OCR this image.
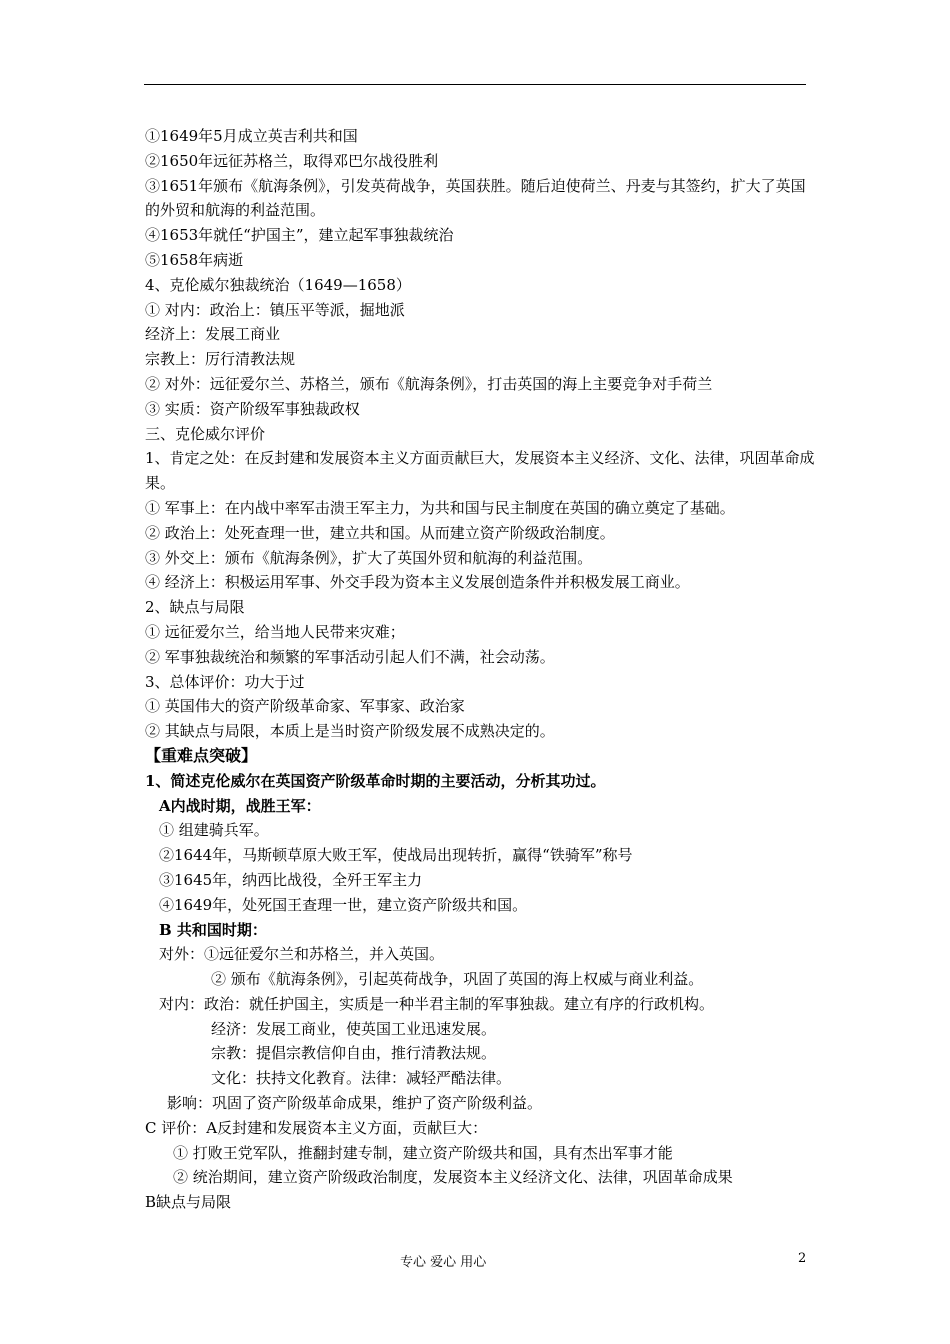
①1649年5月成立英吉利共和国
②1650年远征苏格兰，取得邓巴尔战役胜利
③1651年颁布《航海条例》，引发英荷战争，英国获胜。随后迫使荷兰、丹麦与其签约，扩大了英国的外贸和航海的利益范围。
④1653年就任“护国主”，建立起军事独裁统治
⑤1658年病逝
4、克伦威尔独裁统治（1649—1658）
① 对内：政治上：镇压平等派，掘地派
经济上：发展工商业
宗教上：厉行清教法规
② 对外：远征爱尔兰、苏格兰，颁布《航海条例》，打击英国的海上主要竞争对手荷兰
③ 实质：资产阶级军事独裁政权
三、克伦威尔评价
1、肯定之处：在反封建和发展资本主义方面贡献巨大，发展资本主义经济、文化、法律，巩固革命成果。
① 军事上：在内战中率军击溃王军主力，为共和国与民主制度在英国的确立奠定了基础。
② 政治上：处死查理一世，建立共和国。从而建立资产阶级政治制度。
③ 外交上：颁布《航海条例》，扩大了英国外贸和航海的利益范围。
④ 经济上：积极运用军事、外交手段为资本主义发展创造条件并积极发展工商业。
2、缺点与局限
① 远征爱尔兰，给当地人民带来灾难；
② 军事独裁统治和频繁的军事活动引起人们不满，社会动荡。
3、总体评价：功大于过
① 英国伟大的资产阶级革命家、军事家、政治家
② 其缺点与局限，本质上是当时资产阶级发展不成熟决定的。
【重难点突破】
1、简述克伦威尔在英国资产阶级革命时期的主要活动，分析其功过。
A内战时期，战胜王军：
① 组建骑兵军。
②1644年，马斯顿草原大败王军，使战局出现转折，赢得“铁骑军”称号
③1645年，纳西比战役，全歼王军主力
④1649年，处死国王查理一世，建立资产阶级共和国。
B 共和国时期：
对外：①远征爱尔兰和苏格兰，并入英国。
② 颁布《航海条例》，引起英荷战争，巩固了英国的海上权威与商业利益。
对内：政治：就任护国主，实质是一种半君主制的军事独裁。建立有序的行政机构。
经济：发展工商业，使英国工业迅速发展。
宗教：提倡宗教信仰自由，推行清教法规。
文化：扶持文化教育。法律：减轻严酷法律。
影响：巩固了资产阶级革命成果，维护了资产阶级利益。
C 评价：A反封建和发展资本主义方面，贡献巨大：
① 打败王党军队，推翻封建专制，建立资产阶级共和国，具有杰出军事才能
② 统治期间，建立资产阶级政治制度，发展资本主义经济文化、法律，巩固革命成果
B缺点与局限
专心 爱心 用心	2
